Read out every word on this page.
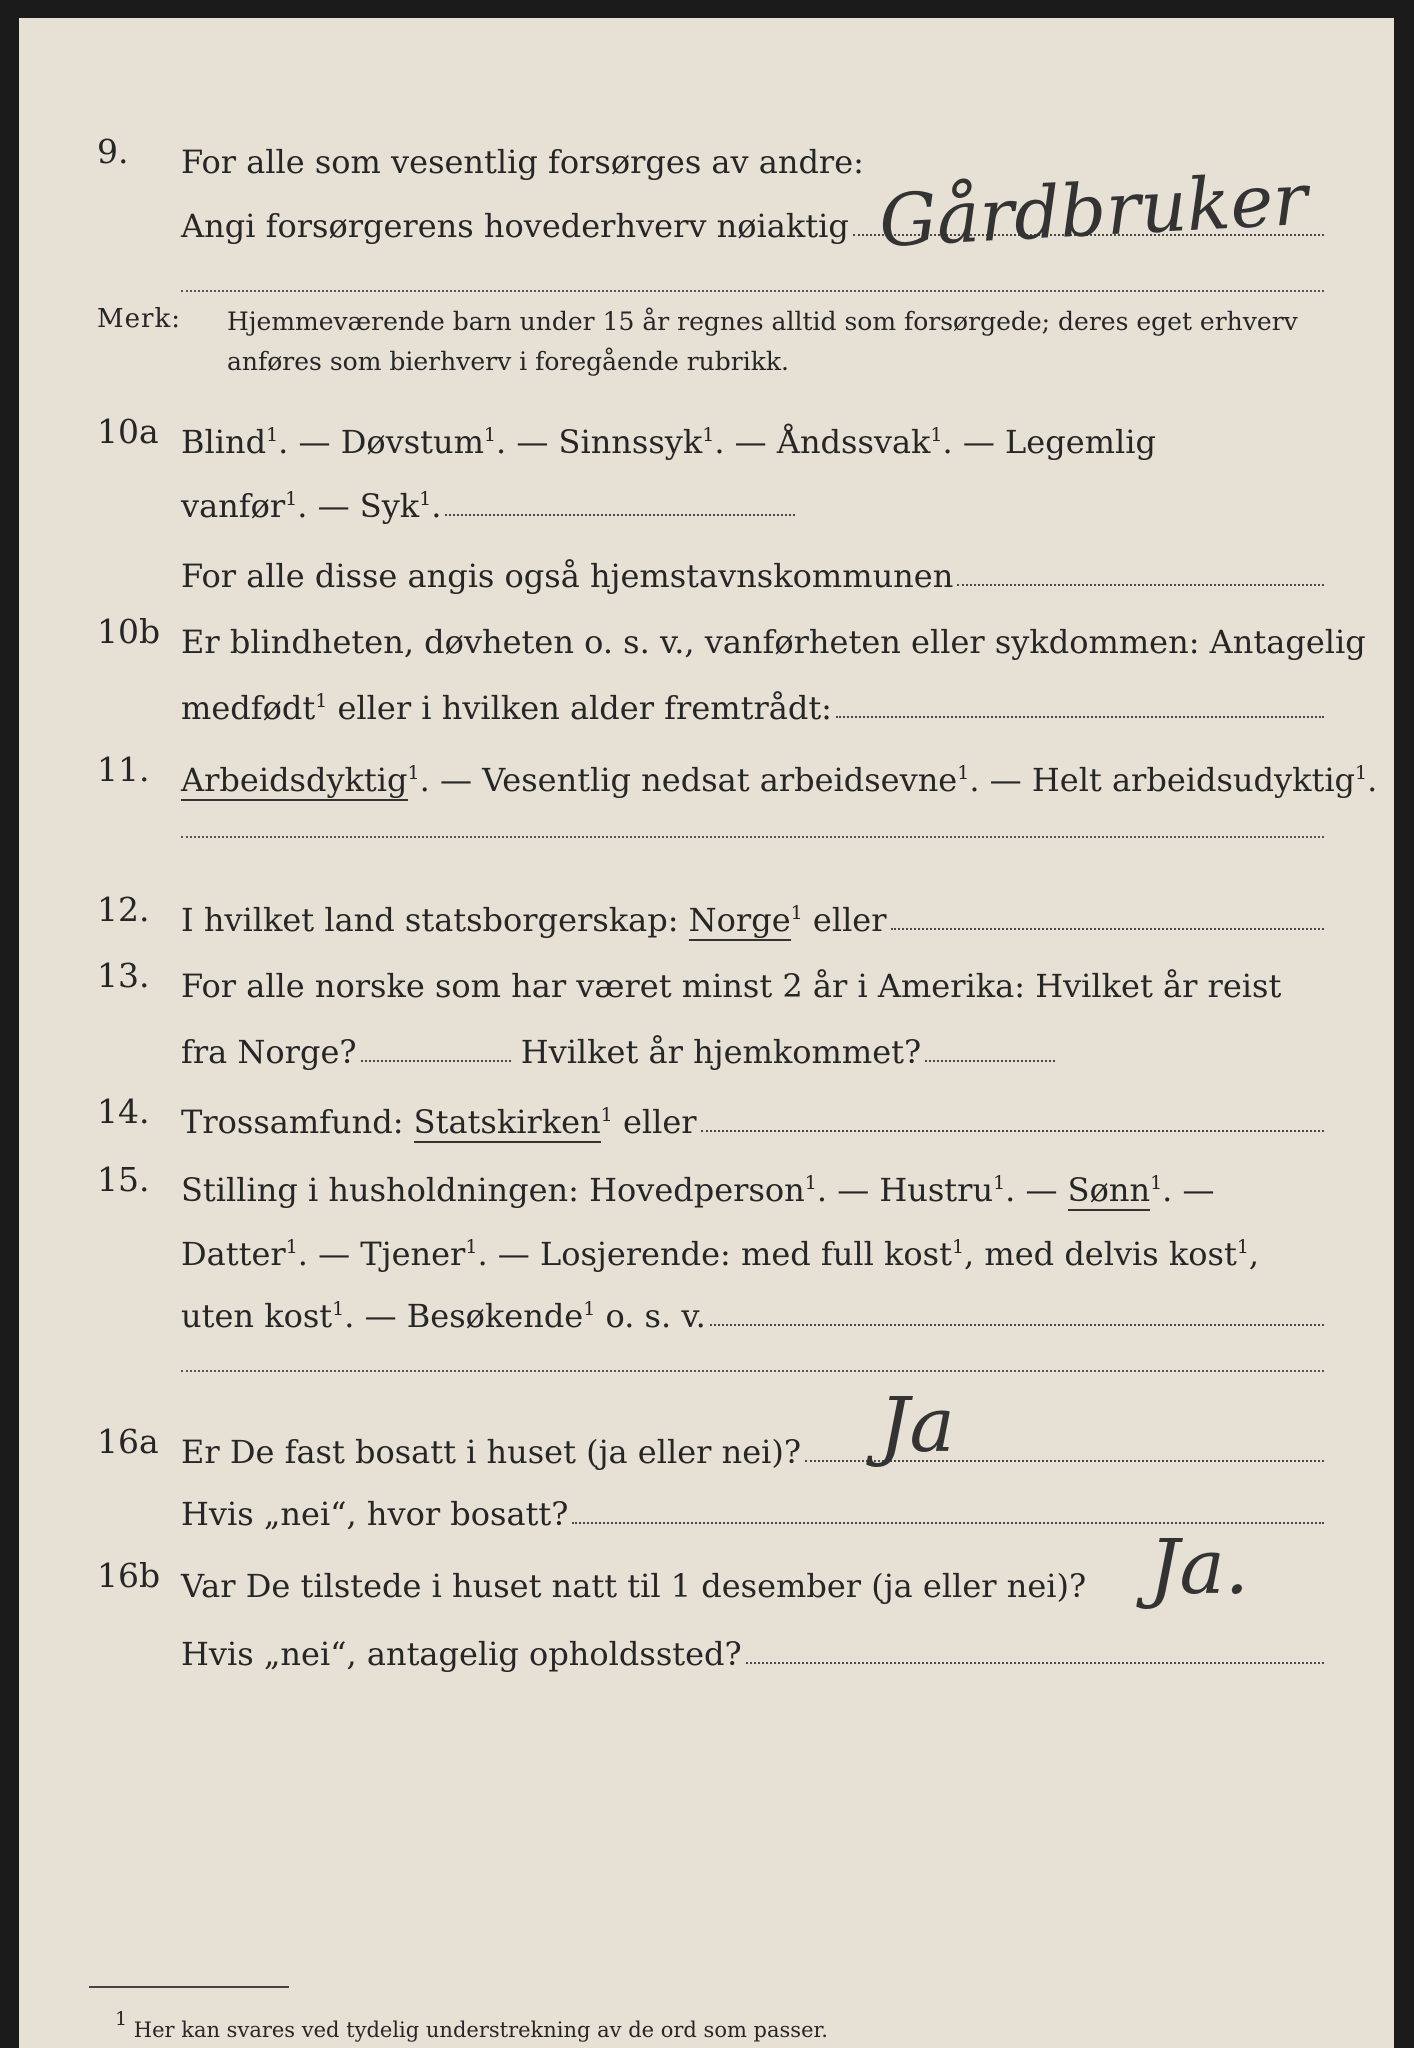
9. For alle som vesentlig forsørges av andre:
Angi forsørgerens hovederhverv nøiaktig Gårdbruker
Merk: Hjemmeværende barn under 15 år regnes alltid som forsørgede; deres eget erhverv anføres som bierhverv i foregående rubrikk.
10a Blind$^1$. — Døvstum$^1$. — Sinnssyk$^1$. — Åndssvak$^1$. — Legemlig
vanfør$^1$. — Syk$^1$.
For alle disse angis også hjemstavnskommunen
10b Er blindheten, døvheten o. s. v., vanførheten eller sykdommen: Antagelig
medfødt$^1$ eller i hvilken alder fremtrådt:
11. Arbeidsdyktig$^1$. — Vesentlig nedsat arbeidsevne$^1$. — Helt arbeidsudyktig$^1$.
12. I hvilket land statsborgerskap: Norge$^1$ eller
13. For alle norske som har været minst 2 år i Amerika: Hvilket år reist
fra Norge?	Hvilket år hjemkommet?
14. Trossamfund: Statskirken$^1$ eller
15. Stilling i husholdningen: Hovedperson$^1$. — Hustru$^1$. — Sønn$^1$. —
Datter$^1$. — Tjener$^1$. — Losjerende: med full kost$^1$, med delvis kost$^1$,
uten kost$^1$. — Besøkende$^1$ o. s. v.
16a Er De fast bosatt i huset (ja eller nei)? Ja
Hvis „nei“, hvor bosatt?
16b Var De tilstede i huset natt til 1 desember (ja eller nei)? Ja.
Hvis „nei“, antagelig opholdssted?
1 Her kan svares ved tydelig understrekning av de ord som passer.
